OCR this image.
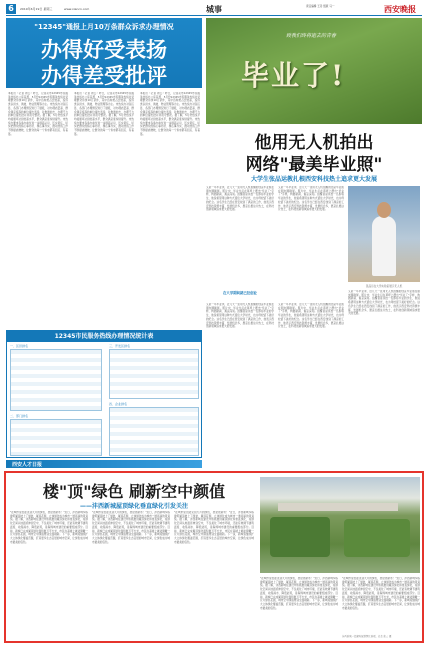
6	2019年6月19日 星期三	www.xiancn.com	城事	责任编辑 王丹 组版 马一	西安晚报
"12345"通报上月10万条群众诉求办理情况
办得好受表扬
办得差受批评
本报讯（记者 周云）昨日，记者从市12345市民服务热线办公室获悉，5月份12345市民服务热线共受理群众诉求10万余件，其中咨询类占比较高，投诉类以供水、供暖、物业管理等为主。市热线办对各区县、各部门办理情况进行了通报，对办理质量高、群众满意度高的单位提出表扬，对推诿扯皮、办理不力的单位提出批评并责令整改。据了解，5月份热线平均接通率达到较高水平，群众满意度持续提升。市热线办要求各承办单位进一步提高认识，压实责任，切实把群众的烦心事办好、操心事办实，推动热线工作不断提质增效，让群众的每一个诉求都有回应、有着落。
本报讯（记者 周云）昨日，记者从市12345市民服务热线办公室获悉，5月份12345市民服务热线共受理群众诉求10万余件，其中咨询类占比较高，投诉类以供水、供暖、物业管理等为主。市热线办对各区县、各部门办理情况进行了通报，对办理质量高、群众满意度高的单位提出表扬，对推诿扯皮、办理不力的单位提出批评并责令整改。据了解，5月份热线平均接通率达到较高水平，群众满意度持续提升。市热线办要求各承办单位进一步提高认识，压实责任，切实把群众的烦心事办好、操心事办实，推动热线工作不断提质增效，让群众的每一个诉求都有回应、有着落。
本报讯（记者 周云）昨日，记者从市12345市民服务热线办公室获悉，5月份12345市民服务热线共受理群众诉求10万余件，其中咨询类占比较高，投诉类以供水、供暖、物业管理等为主。市热线办对各区县、各部门办理情况进行了通报，对办理质量高、群众满意度高的单位提出表扬，对推诿扯皮、办理不力的单位提出批评并责令整改。据了解，5月份热线平均接通率达到较高水平，群众满意度持续提升。市热线办要求各承办单位进一步提高认识，压实责任，切实把群众的烦心事办好、操心事办实，推动热线工作不断提质增效，让群众的每一个诉求都有回应、有着落。
12345市民服务热线办理情况统计表
一、区县排名	三、开发区排名
二、部门排名
四、企业排名
致我们终将逝去的青春
毕业了!
他用无人机拍出
网络"最美毕业照"
大学生张品运教扎根西安科技热土追求更大发展
又是一年毕业季，近几天一张用无人机拍摄的创意毕业照在朋友圈刷屏。照片中，毕业生们在草坪上摆出"毕业了"字样，构图新颖、寓意深刻。拍摄者是该校一名即将毕业的学生，他说希望用这种方式留住大学时光，也为母校留下美好的纪念。这名学生已经在西安找到了满意的工作，他表示西安科技资源丰富、发展机会多，愿意扎根这片热土，在科技创新领域追求更大的发展。
又是一年毕业季，近几天一张用无人机拍摄的创意毕业照在朋友圈刷屏。照片中，毕业生们在草坪上摆出"毕业了"字样，构图新颖、寓意深刻。拍摄者是该校一名即将毕业的学生，他说希望用这种方式留住大学时光，也为母校留下美好的纪念。这名学生已经在西安找到了满意的工作，他表示西安科技资源丰富、发展机会多，愿意扎根这片热土，在科技创新领域追求更大的发展。
在大学期间就已经创业
又是一年毕业季，近几天一张用无人机拍摄的创意毕业照在朋友圈刷屏。照片中，毕业生们在草坪上摆出"毕业了"字样，构图新颖、寓意深刻。拍摄者是该校一名即将毕业的学生，他说希望用这种方式留住大学时光，也为母校留下美好的纪念。这名学生已经在西安找到了满意的工作，他表示西安科技资源丰富、发展机会多，愿意扎根这片热土，在科技创新领域追求更大的发展。
又是一年毕业季，近几天一张用无人机拍摄的创意毕业照在朋友圈刷屏。照片中，毕业生们在草坪上摆出"毕业了"字样，构图新颖、寓意深刻。拍摄者是该校一名即将毕业的学生，他说希望用这种方式留住大学时光，也为母校留下美好的纪念。这名学生已经在西安找到了满意的工作，他表示西安科技资源丰富、发展机会多，愿意扎根这片热土，在科技创新领域追求更大的发展。
张品运在大学实验室展示无人机
又是一年毕业季，近几天一张用无人机拍摄的创意毕业照在朋友圈刷屏。照片中，毕业生们在草坪上摆出"毕业了"字样，构图新颖、寓意深刻。拍摄者是该校一名即将毕业的学生，他说希望用这种方式留住大学时光，也为母校留下美好的纪念。这名学生已经在西安找到了满意的工作，他表示西安科技资源丰富、发展机会多，愿意扎根这片热土，在科技创新领域追求更大的发展。
西安人才日报
楼"顶"绿色 刷新空中颜值
——沣西新城屋顶绿化垂直绿化引发关注
"在城市里也能见到大片的绿色，感觉很新奇！"近日，沣西新城多栋建筑屋顶披上了绿装，屋顶花园、立体绿化成为城市一道亮丽的风景线。据了解，沣西新城在建设中积极推进屋顶绿化和垂直绿化，将绿化空间从地面延伸到空中，不仅美化了城市环境，还能有效调节建筑温度、收集雨水、降低能耗，是海绵城市建设的重要组成部分。目前，新城已完成屋顶绿化面积数万平方米，市民在高楼上就能俯瞰一片片绿色花园，城市空中颜值得到全面刷新。下一步，新城将继续扩大立体绿化覆盖范围，打造更多生态宜居的城市空间，让绿色成为城市最美的底色。
"在城市里也能见到大片的绿色，感觉很新奇！"近日，沣西新城多栋建筑屋顶披上了绿装，屋顶花园、立体绿化成为城市一道亮丽的风景线。据了解，沣西新城在建设中积极推进屋顶绿化和垂直绿化，将绿化空间从地面延伸到空中，不仅美化了城市环境，还能有效调节建筑温度、收集雨水、降低能耗，是海绵城市建设的重要组成部分。目前，新城已完成屋顶绿化面积数万平方米，市民在高楼上就能俯瞰一片片绿色花园，城市空中颜值得到全面刷新。下一步，新城将继续扩大立体绿化覆盖范围，打造更多生态宜居的城市空间，让绿色成为城市最美的底色。
"在城市里也能见到大片的绿色，感觉很新奇！"近日，沣西新城多栋建筑屋顶披上了绿装，屋顶花园、立体绿化成为城市一道亮丽的风景线。据了解，沣西新城在建设中积极推进屋顶绿化和垂直绿化，将绿化空间从地面延伸到空中，不仅美化了城市环境，还能有效调节建筑温度、收集雨水、降低能耗，是海绵城市建设的重要组成部分。目前，新城已完成屋顶绿化面积数万平方米，市民在高楼上就能俯瞰一片片绿色花园，城市空中颜值得到全面刷新。下一步，新城将继续扩大立体绿化覆盖范围，打造更多生态宜居的城市空间，让绿色成为城市最美的底色。
"在城市里也能见到大片的绿色，感觉很新奇！"近日，沣西新城多栋建筑屋顶披上了绿装，屋顶花园、立体绿化成为城市一道亮丽的风景线。据了解，沣西新城在建设中积极推进屋顶绿化和垂直绿化，将绿化空间从地面延伸到空中，不仅美化了城市环境，还能有效调节建筑温度、收集雨水、降低能耗，是海绵城市建设的重要组成部分。目前，新城已完成屋顶绿化面积数万平方米，市民在高楼上就能俯瞰一片片绿色花园，城市空中颜值得到全面刷新。下一步，新城将继续扩大立体绿化覆盖范围，打造更多生态宜居的城市空间，让绿色成为城市最美的底色。
"在城市里也能见到大片的绿色，感觉很新奇！"近日，沣西新城多栋建筑屋顶披上了绿装，屋顶花园、立体绿化成为城市一道亮丽的风景线。据了解，沣西新城在建设中积极推进屋顶绿化和垂直绿化，将绿化空间从地面延伸到空中，不仅美化了城市环境，还能有效调节建筑温度、收集雨水、降低能耗，是海绵城市建设的重要组成部分。目前，新城已完成屋顶绿化面积数万平方米，市民在高楼上就能俯瞰一片片绿色花园，城市空中颜值得到全面刷新。下一步，新城将继续扩大立体绿化覆盖范围，打造更多生态宜居的城市空间，让绿色成为城市最美的底色。
沣西新城一处建筑屋顶绿化景观。记者 张三 摄
